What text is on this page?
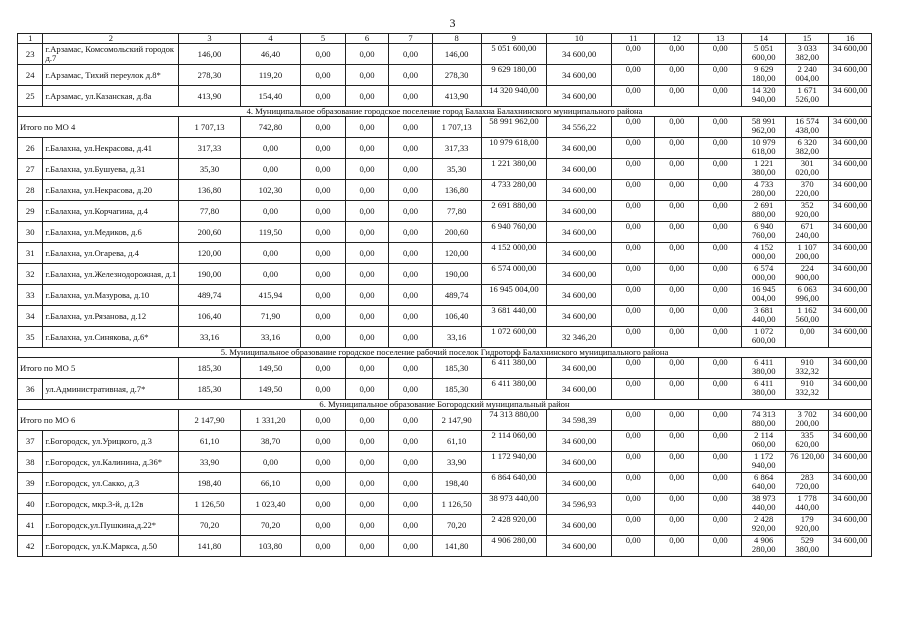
3
1	2	3	4	5	6	7	8	9	10	11	12	13	14	15	16
23	г.Арзамас, Комсомольский городок д.7	146,00	46,40	0,00	0,00	0,00	146,00	5 051 600,00	34 600,00	0,00	0,00	0,00	5 051 600,00	3 033 382,00	34 600,00
24	г.Арзамас, Тихий переулок д.8*	278,30	119,20	0,00	0,00	0,00	278,30	9 629 180,00	34 600,00	0,00	0,00	0,00	9 629 180,00	2 240 004,00	34 600,00
25	г.Арзамас, ул.Казанская, д.8а	413,90	154,40	0,00	0,00	0,00	413,90	14 320 940,00	34 600,00	0,00	0,00	0,00	14 320 940,00	1 671 526,00	34 600,00
4. Муниципальное образование городское поселение город Балахна Балахнинского муниципального района															
Итого по МО 4		1 707,13	742,80	0,00	0,00	0,00	1 707,13	58 991 962,00	34 556,22	0,00	0,00	0,00	58 991 962,00	16 574 438,00	34 600,00
26	г.Балахна, ул.Некрасова, д.41	317,33	0,00	0,00	0,00	0,00	317,33	10 979 618,00	34 600,00	0,00	0,00	0,00	10 979 618,00	6 320 382,00	34 600,00
27	г.Балахна, ул.Бушуева, д.31	35,30	0,00	0,00	0,00	0,00	35,30	1 221 380,00	34 600,00	0,00	0,00	0,00	1 221 380,00	301 020,00	34 600,00
28	г.Балахна, ул.Некрасова, д.20	136,80	102,30	0,00	0,00	0,00	136,80	4 733 280,00	34 600,00	0,00	0,00	0,00	4 733 280,00	370 220,00	34 600,00
29	г.Балахна, ул.Корчагина, д.4	77,80	0,00	0,00	0,00	0,00	77,80	2 691 880,00	34 600,00	0,00	0,00	0,00	2 691 880,00	352 920,00	34 600,00
30	г.Балахна, ул.Медиков, д.6	200,60	119,50	0,00	0,00	0,00	200,60	6 940 760,00	34 600,00	0,00	0,00	0,00	6 940 760,00	671 240,00	34 600,00
31	г.Балахна, ул.Огарева, д.4	120,00	0,00	0,00	0,00	0,00	120,00	4 152 000,00	34 600,00	0,00	0,00	0,00	4 152 000,00	1 107 200,00	34 600,00
32	г.Балахна, ул.Железнодорожная, д.1	190,00	0,00	0,00	0,00	0,00	190,00	6 574 000,00	34 600,00	0,00	0,00	0,00	6 574 000,00	224 900,00	34 600,00
33	г.Балахна, ул.Мазурова, д.10	489,74	415,94	0,00	0,00	0,00	489,74	16 945 004,00	34 600,00	0,00	0,00	0,00	16 945 004,00	6 063 996,00	34 600,00
34	г.Балахна, ул.Рязанова, д.12	106,40	71,90	0,00	0,00	0,00	106,40	3 681 440,00	34 600,00	0,00	0,00	0,00	3 681 440,00	1 162 560,00	34 600,00
35	г.Балахна, ул.Синякова, д.6*	33,16	33,16	0,00	0,00	0,00	33,16	1 072 600,00	32 346,20	0,00	0,00	0,00	1 072 600,00	0,00	34 600,00
5. Муниципальное образование городское поселение рабочий поселок Гидроторф Балахнинского муниципального района															
Итого по МО 5		185,30	149,50	0,00	0,00	0,00	185,30	6 411 380,00	34 600,00	0,00	0,00	0,00	6 411 380,00	910 332,32	34 600,00
36	ул.Административная, д.7*	185,30	149,50	0,00	0,00	0,00	185,30	6 411 380,00	34 600,00	0,00	0,00	0,00	6 411 380,00	910 332,32	34 600,00
6. Муниципальное образование Богородский муниципальный район															
Итого по МО 6		2 147,90	1 331,20	0,00	0,00	0,00	2 147,90	74 313 880,00	34 598,39	0,00	0,00	0,00	74 313 880,00	3 702 200,00	34 600,00
37	г.Богородск, ул.Урицкого, д.3	61,10	38,70	0,00	0,00	0,00	61,10	2 114 060,00	34 600,00	0,00	0,00	0,00	2 114 060,00	335 620,00	34 600,00
38	г.Богородск, ул.Калинина, д.36*	33,90	0,00	0,00	0,00	0,00	33,90	1 172 940,00	34 600,00	0,00	0,00	0,00	1 172 940,00	76 120,00	34 600,00
39	г.Богородск, ул.Сакко, д.3	198,40	66,10	0,00	0,00	0,00	198,40	6 864 640,00	34 600,00	0,00	0,00	0,00	6 864 640,00	283 720,00	34 600,00
40	г.Богородск, мкр.3-й, д.12в	1 126,50	1 023,40	0,00	0,00	0,00	1 126,50	38 973 440,00	34 596,93	0,00	0,00	0,00	38 973 440,00	1 778 440,00	34 600,00
41	г.Богородск,ул.Пушкина,д.22*	70,20	70,20	0,00	0,00	0,00	70,20	2 428 920,00	34 600,00	0,00	0,00	0,00	2 428 920,00	179 920,00	34 600,00
42	г.Богородск, ул.К.Маркса, д.50	141,80	103,80	0,00	0,00	0,00	141,80	4 906 280,00	34 600,00	0,00	0,00	0,00	4 906 280,00	529 380,00	34 600,00
